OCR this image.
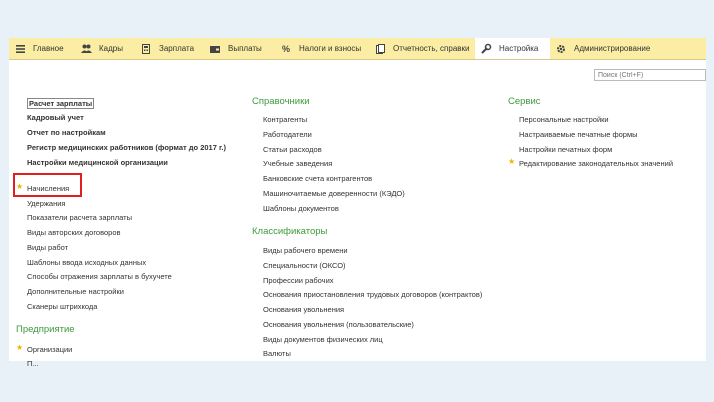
Главное	Кадры	Зарплата	Выплаты % Налоги и взносы	Отчетность, справки	Настройка	Администрирование
Поиск (Ctrl+F)
Расчет зарплаты
Кадровый учет
Отчет по настройкам
Регистр медицинских работников (формат до 2017 г.)
Настройки медицинской организации
★ Начисления
Удержания
Показатели расчета зарплаты
Виды авторских договоров
Виды работ
Шаблоны ввода исходных данных
Способы отражения зарплаты в бухучете
Дополнительные настройки
Сканеры штрихкода
Предприятие
★ Организации
П...
Справочники
Контрагенты
Работодатели
Статьи расходов
Учебные заведения
Банковские счета контрагентов
Машиночитаемые доверенности (КЭДО)
Шаблоны документов
Классификаторы
Виды рабочего времени
Специальности (ОКСО)
Профессии рабочих
Основания приостановления трудовых договоров (контрактов)
Основания увольнения
Основания увольнения (пользовательские)
Виды документов физических лиц
Валюты
Сервис
Персональные настройки
Настраиваемые печатные формы
Настройки печатных форм
★ Редактирование законодательных значений
